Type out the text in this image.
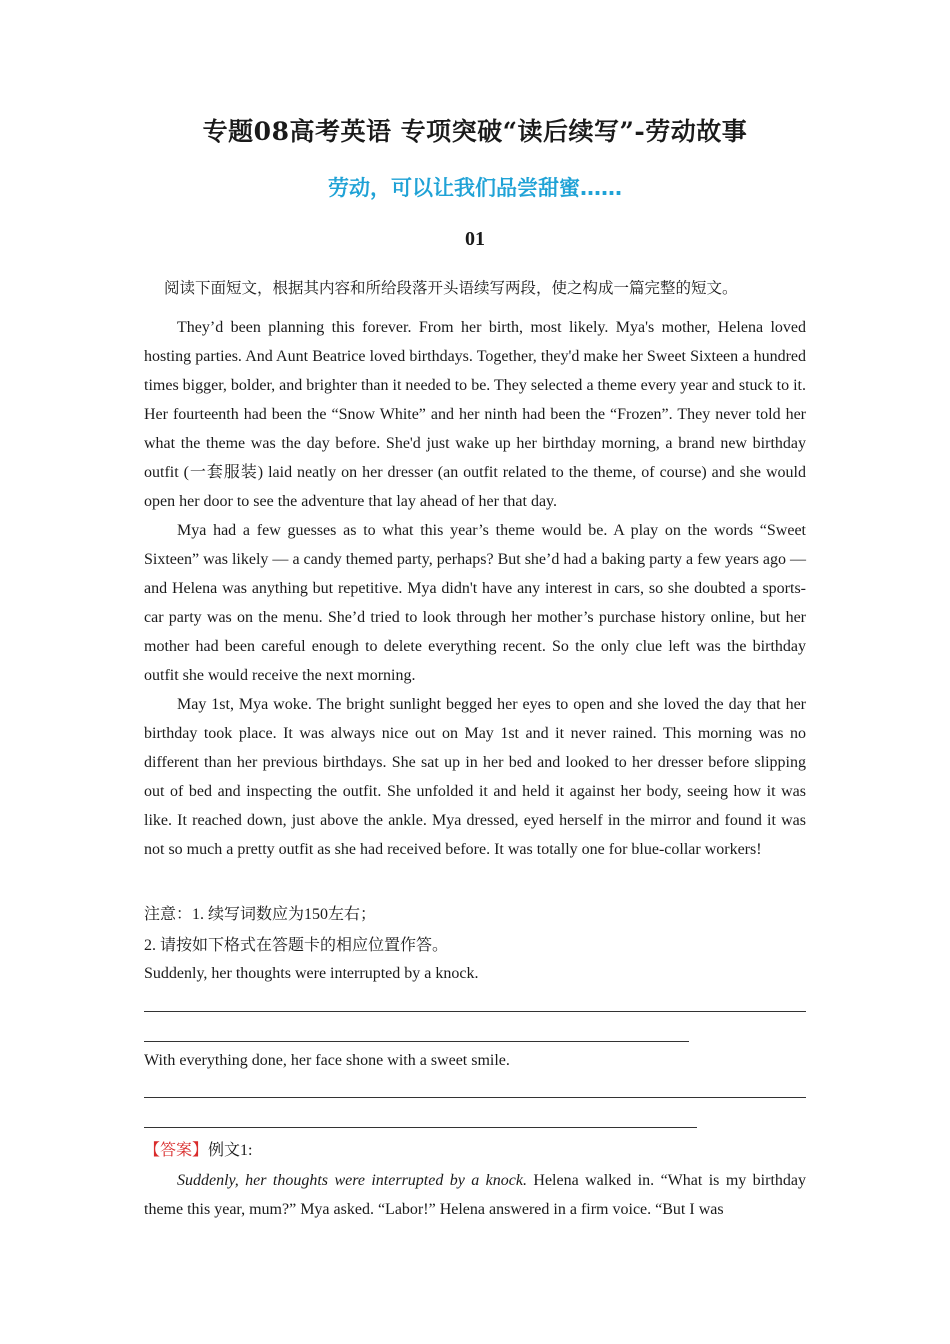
专题08高考英语 专项突破“读后续写”-劳动故事
劳动，可以让我们品尝甜蜜……
01
阅读下面短文，根据其内容和所给段落开头语续写两段，使之构成一篇完整的短文。

They’d been planning this forever. From her birth, most likely. Mya's mother, Helena loved hosting parties. And Aunt Beatrice loved birthdays. Together, they'd make her Sweet Sixteen a hundred times bigger, bolder, and brighter than it needed to be. They selected a theme every year and stuck to it. Her fourteenth had been the “Snow White” and her ninth had been the “Frozen”. They never told her what the theme was the day before. She'd just wake up her birthday morning, a brand new birthday outfit (一套服装) laid neatly on her dresser (an outfit related to the theme, of course) and she would open her door to see the adventure that lay ahead of her that day.

Mya had a few guesses as to what this year’s theme would be. A play on the words “Sweet Sixteen” was likely — a candy themed party, perhaps? But she’d had a baking party a few years ago — and Helena was anything but repetitive. Mya didn't have any interest in cars, so she doubted a sports-car party was on the menu. She’d tried to look through her mother’s purchase history online, but her mother had been careful enough to delete everything recent. So the only clue left was the birthday outfit she would receive the next morning.

May 1st, Mya woke. The bright sunlight begged her eyes to open and she loved the day that her birthday took place. It was always nice out on May 1st and it never rained. This morning was no different than her previous birthdays. She sat up in her bed and looked to her dresser before slipping out of bed and inspecting the outfit. She unfolded it and held it against her body, seeing how it was like. It reached down, just above the ankle. Mya dressed, eyed herself in the mirror and found it was not so much a pretty outfit as she had received before. It was totally one for blue-collar workers!

注意：1. 续写词数应为150左右；

2. 请按如下格式在答题卡的相应位置作答。

Suddenly, her thoughts were interrupted by a knock.

With everything done, her face shone with a sweet smile.

【答案】例文1:
Suddenly, her thoughts were interrupted by a knock. Helena walked in. “What is my birthday theme this year, mum?” Mya asked. “Labor!” Helena answered in a firm voice. “But I was
